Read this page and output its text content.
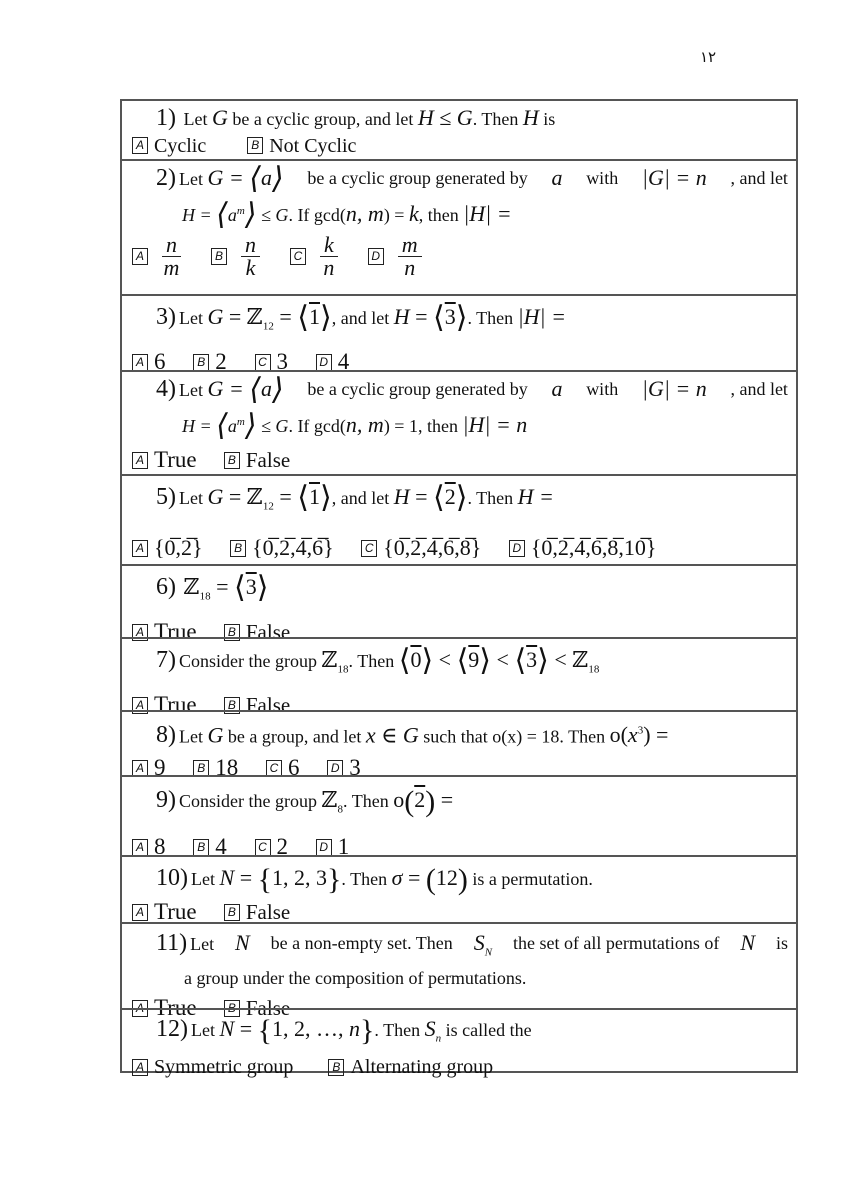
١٢
1) Let G be a cyclic group, and let H ≤ G. Then H is
A Cyclic
	B Not Cyclic
2) Let G = ⟨a⟩ be a cyclic group generated by a with |G| = n , and let
$H = ⟨a^m⟩ \le G$. If gcd(n, m) = k, then |H| =
A $\frac{n}{m}$	B $\frac{n}{k}$	C $\frac{k}{n}$	D $\frac{m}{n}$
3) Let G = ℤ$_{12}$ = ⟨1⟩, and let H = ⟨3⟩. Then |H| =
A 6
	B 2
	C 3
	D 4
4) Let G = ⟨a⟩ be a cyclic group generated by a with |G| = n , and let
$H = ⟨a^m⟩ \le G$. If gcd(n, m) = 1, then |H| = n
A True
	B False
5) Let G = ℤ$_{12}$ = ⟨1⟩, and let H = ⟨2⟩. Then H =
A {0̅,2̅}
	B {0̅,2̅,4̅,6̅}
	C {0̅,2̅,4̅,6̅,8̅}
	D {0̅,2̅,4̅,6̅,8̅,10̅}
6) ℤ$_{18}$ = ⟨3⟩
A True
	B False
7) Consider the group ℤ$_{18}$. Then ⟨0⟩ < ⟨9⟩ < ⟨3⟩ < ℤ$_{18}$
A True
	B False
8) Let G be a group, and let x ∈ G such that o(x) = 18. Then $o(x^3)$ =
A 9
	B 18
	C 6
	D 3
9) Consider the group ℤ$_8$. Then o(2) =
A 8
	B 4
	C 2
	D 1
10) Let N = {1, 2, 3}. Then σ = (12) is a permutation.
A True
	B False
11) Let N be a non-empty set. Then $S_N$ the set of all permutations of N is
a group under the composition of permutations.
A True
	B False
12) Let N = {1, 2, …, n}. Then $S_n$ is called the
A Symmetric group
	B Alternating group
